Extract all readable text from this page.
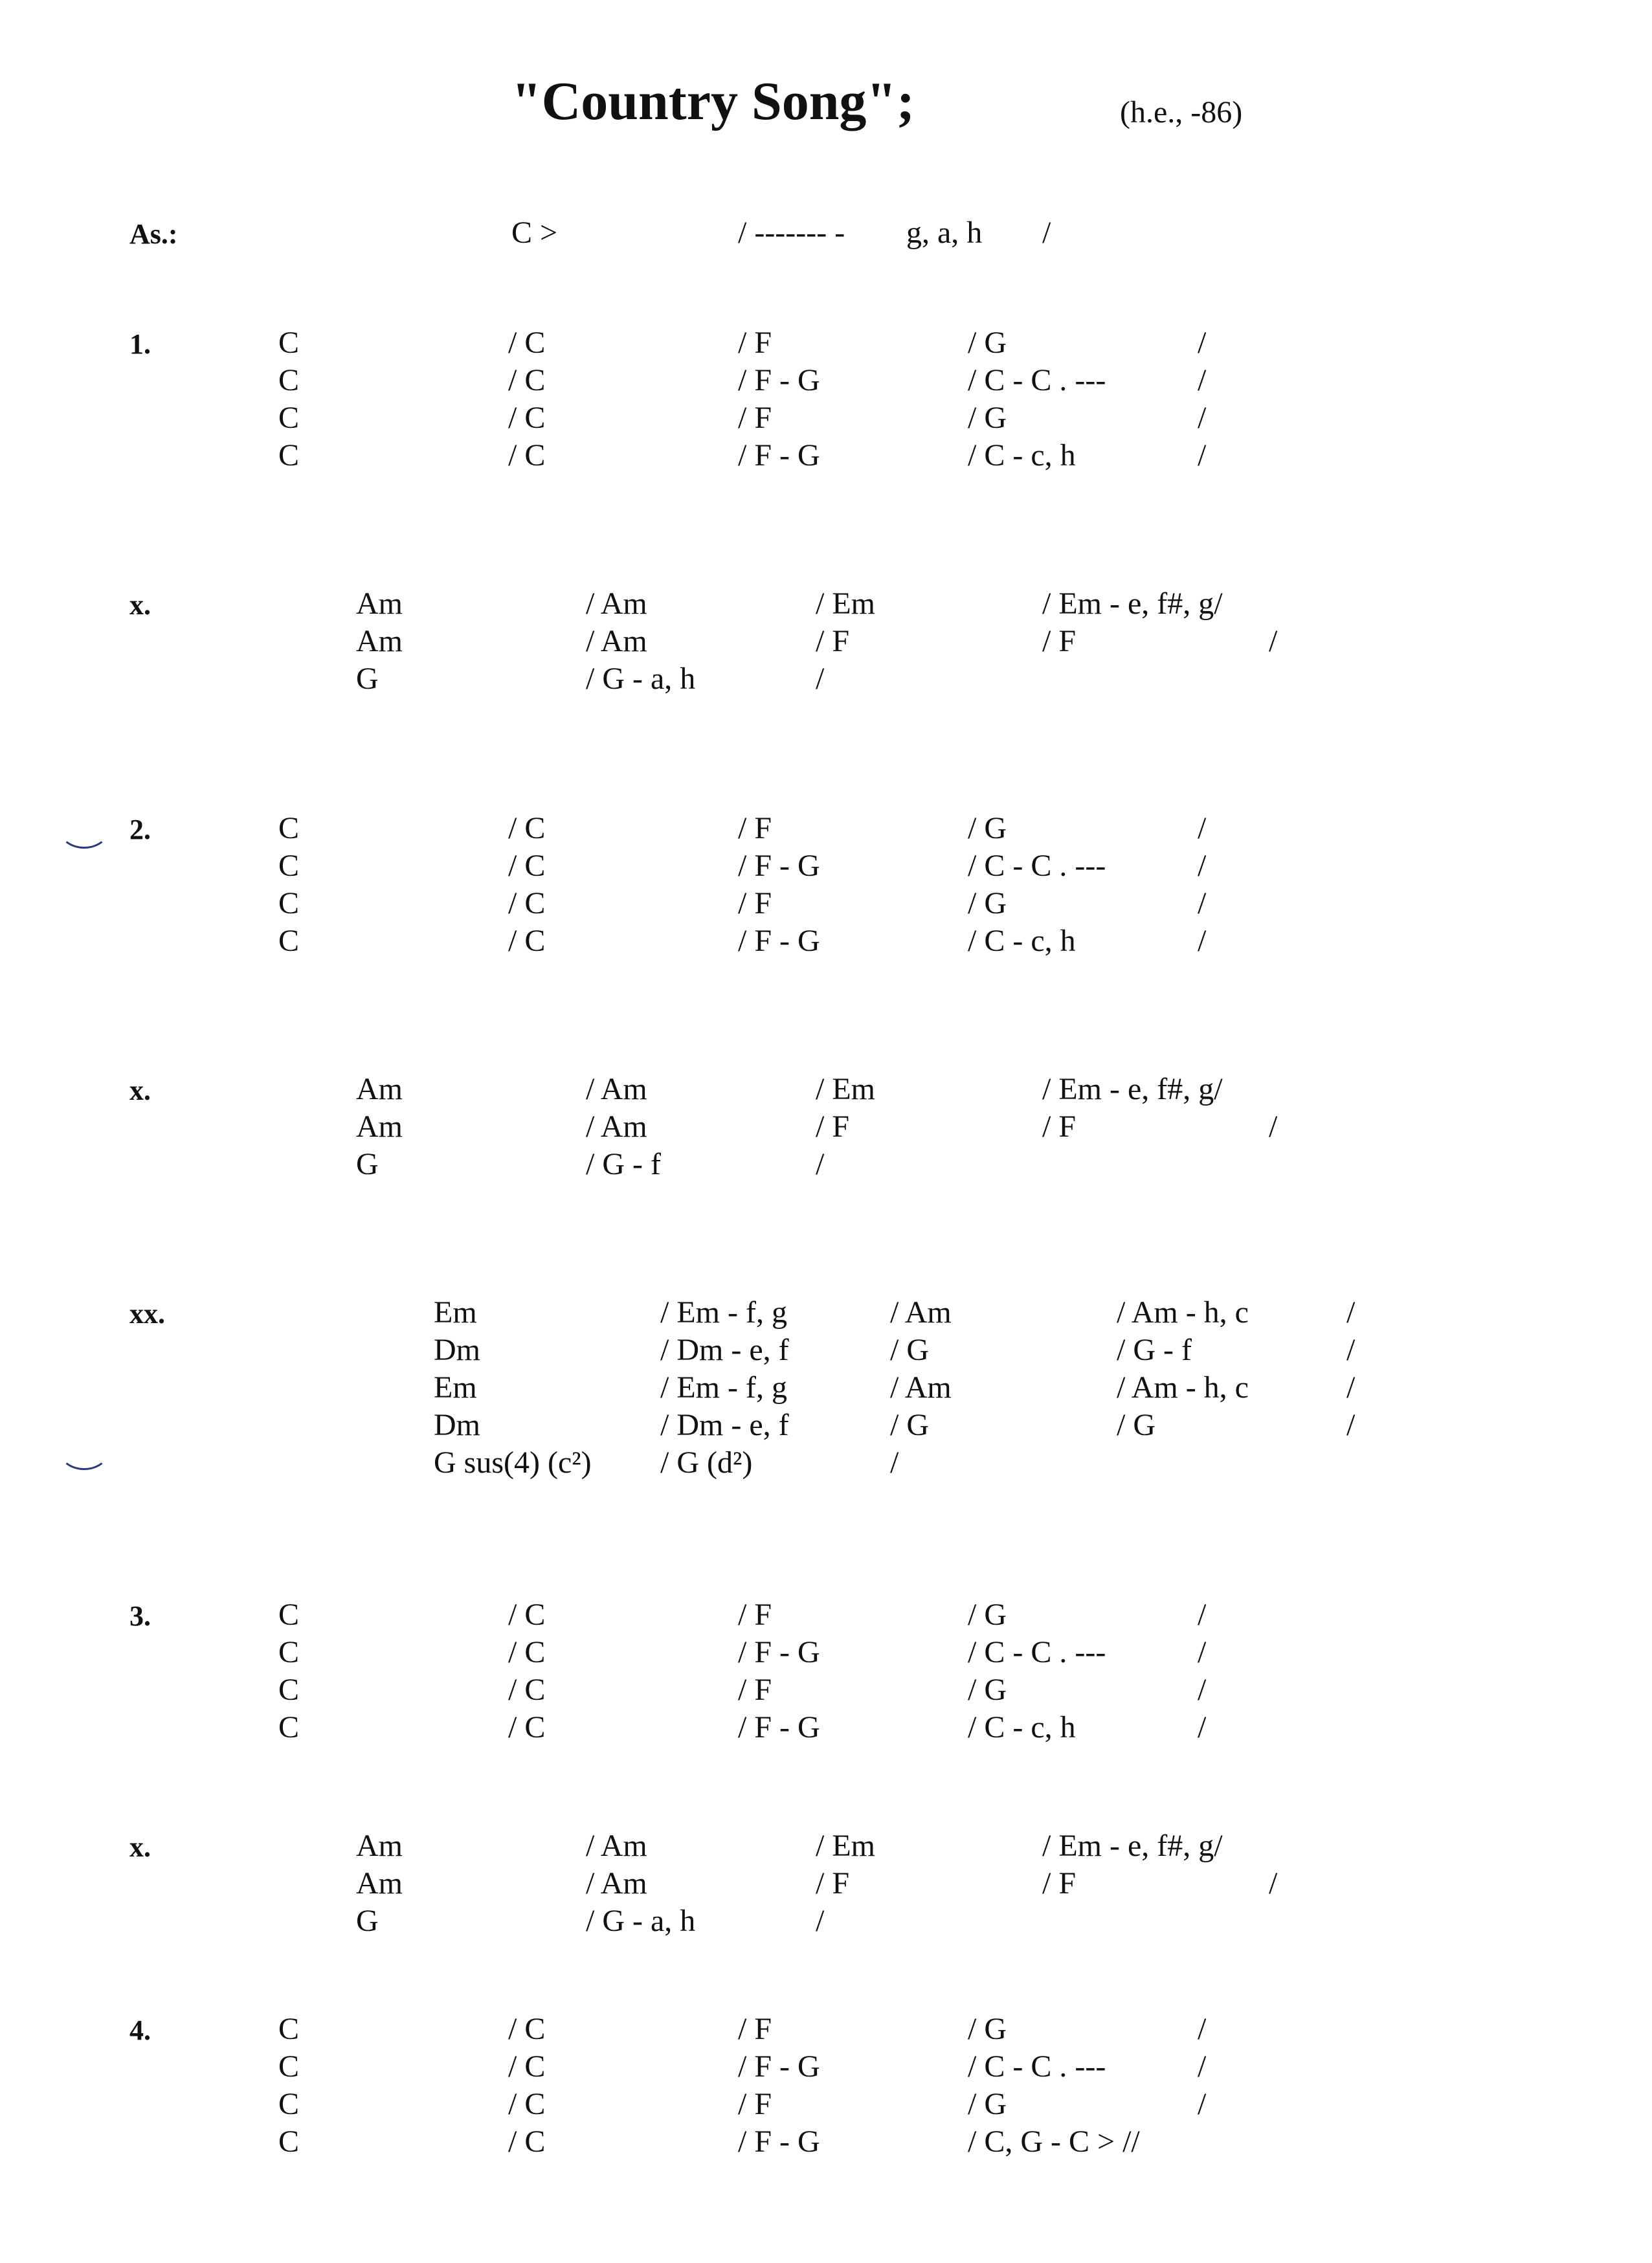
"Country Song";	(h.e., -86)
As.:	C >	/ ------- - g, a, h /
1.	C	/ C	/ F	/ G	/
C	/ C	/ F - G	/ C - C . ---	/
C	/ C	/ F	/ G	/
C	/ C	/ F - G	/ C - c, h	/
x.	Am	/ Am	/ Em	/ Em - e, f#, g/
Am	/ Am	/ F	/ F	/
G	/ G - a, h	/
2.	C	/ C	/ F	/ G	/
C	/ C	/ F - G	/ C - C . ---	/
C	/ C	/ F	/ G	/
C	/ C	/ F - G	/ C - c, h	/
x.	Am	/ Am	/ Em	/ Em - e, f#, g/
Am	/ Am	/ F	/ F	/
G	/ G - f	/
xx.	Em	/ Em - f, g	/ Am	/ Am - h, c	/
Dm	/ Dm - e, f	/ G	/ G - f	/
Em	/ Em - f, g	/ Am	/ Am - h, c	/
Dm	/ Dm - e, f	/ G	/ G	/
G sus(4) (c²) / G (d²)	/
3.	C	/ C	/ F	/ G	/
C	/ C	/ F - G	/ C - C . ---	/
C	/ C	/ F	/ G	/
C	/ C	/ F - G	/ C - c, h	/
x.	Am	/ Am	/ Em	/ Em - e, f#, g/
Am	/ Am	/ F	/ F	/
G	/ G - a, h	/
4.	C	/ C	/ F	/ G	/
C	/ C	/ F - G	/ C - C . ---	/
C	/ C	/ F	/ G	/
C	/ C	/ F - G	/ C, G - C > //
